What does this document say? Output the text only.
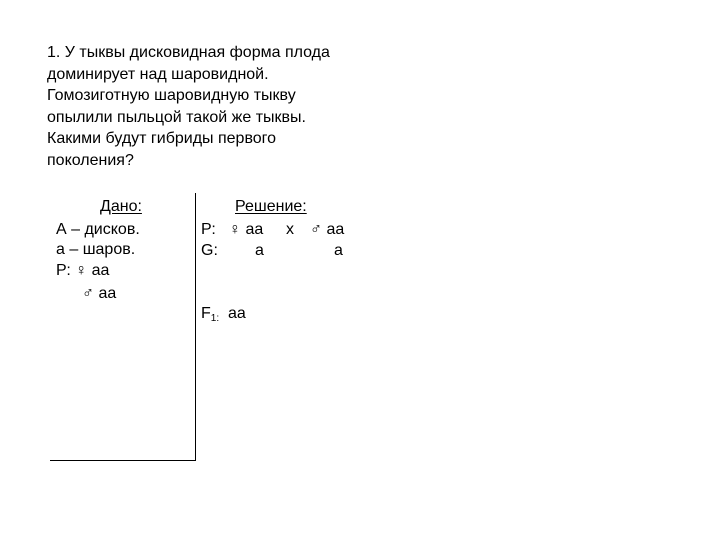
1. У тыквы дисковидная форма плода
доминирует над шаровидной.
Гомозиготную шаровидную тыкву
опылили пыльцой такой же тыквы.
Какими будут гибриды первого
поколения?
Дано:
А – дисков.
а – шаров.
Р: ♀ аа
♂ аа
Решение:
Р: ♀ аа х ♂ аа
G: а	а
$F_{1:}$ аа
